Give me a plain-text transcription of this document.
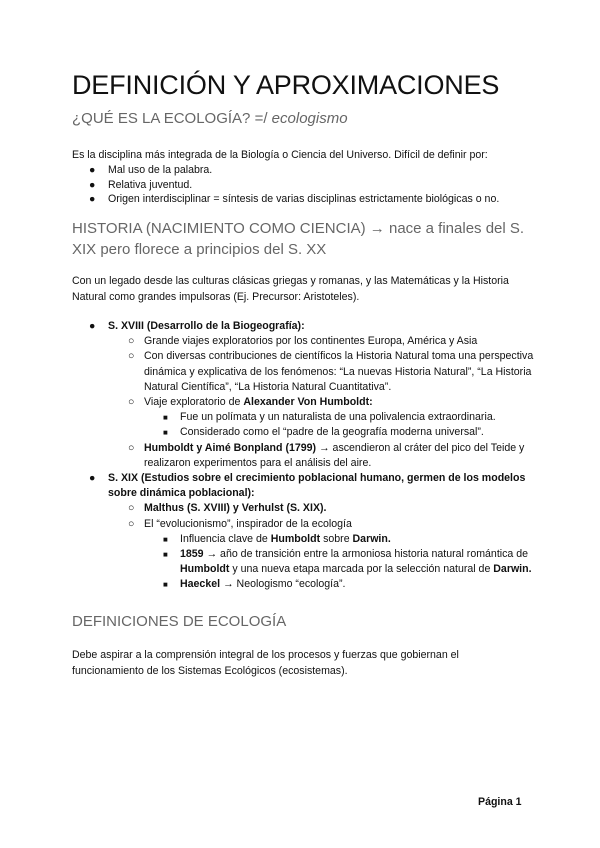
DEFINICIÓN Y APROXIMACIONES
¿QUÉ ES LA ECOLOGÍA? =/ ecologismo
Es la disciplina más integrada de la Biología o Ciencia del Universo. Difícil de definir por:
● Mal uso de la palabra.
● Relativa juventud.
● Origen interdisciplinar = síntesis de varias disciplinas estrictamente biológicas o no.
HISTORIA (NACIMIENTO COMO CIENCIA) → nace a finales del S. XIX pero florece a principios del S. XX
Con un legado desde las culturas clásicas griegas y romanas, y las Matemáticas y la Historia Natural como grandes impulsoras (Ej. Precursor: Aristoteles).
● S. XVIII (Desarrollo de la Biogeografía):
○ Grande viajes exploratorios por los continentes Europa, América y Asia
○ Con diversas contribuciones de científicos la Historia Natural toma una perspectiva dinámica y explicativa de los fenómenos: “La nuevas Historia Natural”, “La Historia Natural Científica”, “La Historia Natural Cuantitativa”.
○ Viaje exploratorio de Alexander Von Humboldt:
■ Fue un polímata y un naturalista de una polivalencia extraordinaria.
■ Considerado como el “padre de la geografía moderna universal”.
○ Humboldt y Aimé Bonpland (1799) → ascendieron al cráter del pico del Teide y realizaron experimentos para el análisis del aire.
● S. XIX (Estudios sobre el crecimiento poblacional humano, germen de los modelos sobre dinámica poblacional):
○ Malthus (S. XVIII) y Verhulst (S. XIX).
○ El “evolucionismo”, inspirador de la ecología
■ Influencia clave de Humboldt sobre Darwin.
■ 1859 → año de transición entre la armoniosa historia natural romántica de Humboldt y una nueva etapa marcada por la selección natural de Darwin.
■ Haeckel → Neologismo “ecología”.
DEFINICIONES DE ECOLOGÍA
Debe aspirar a la comprensión integral de los procesos y fuerzas que gobiernan el funcionamiento de los Sistemas Ecológicos (ecosistemas).
Página 1
